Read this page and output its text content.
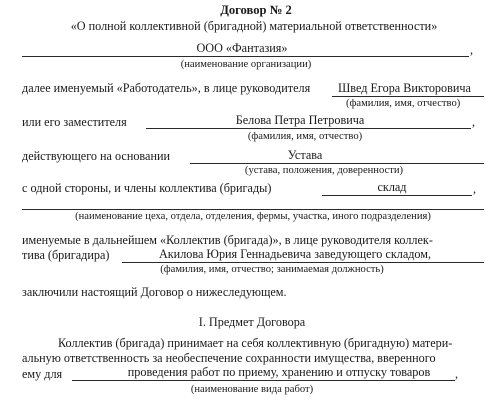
Договор № 2
«О полной коллективной (бригадной) материальной ответственности»
ООО «Фантазия»	,
(наименование организации)
далее именуемый «Работодатель», в лице руководителя Швед Егора Викторовича
(фамилия, имя, отчество)
или его заместителя	Белова Петра Петровича	,
(фамилия, имя, отчество)
действующего на основании	Устава
(устава, положения, доверенности)
с одной стороны, и члены коллектива (бригады)	склад	,
(наименование цеха, отдела, отделения, фермы, участка, иного подразделения)
именуемые в дальнейшем «Коллектив (бригада)», в лице руководителя коллек-
тива (бригадира)	Акилова Юрия Геннадьевича заведующего складом,
(фамилия, имя, отчество; занимаемая должность)
заключили настоящий Договор о нижеследующем.
I. Предмет Договора
Коллектив (бригада) принимает на себя коллективную (бригадную) матери-
альную ответственность за необеспечение сохранности имущества, вверенного
ему для	проведения работ по приему, хранению и отпуску товаров ,
(наименование вида работ)
